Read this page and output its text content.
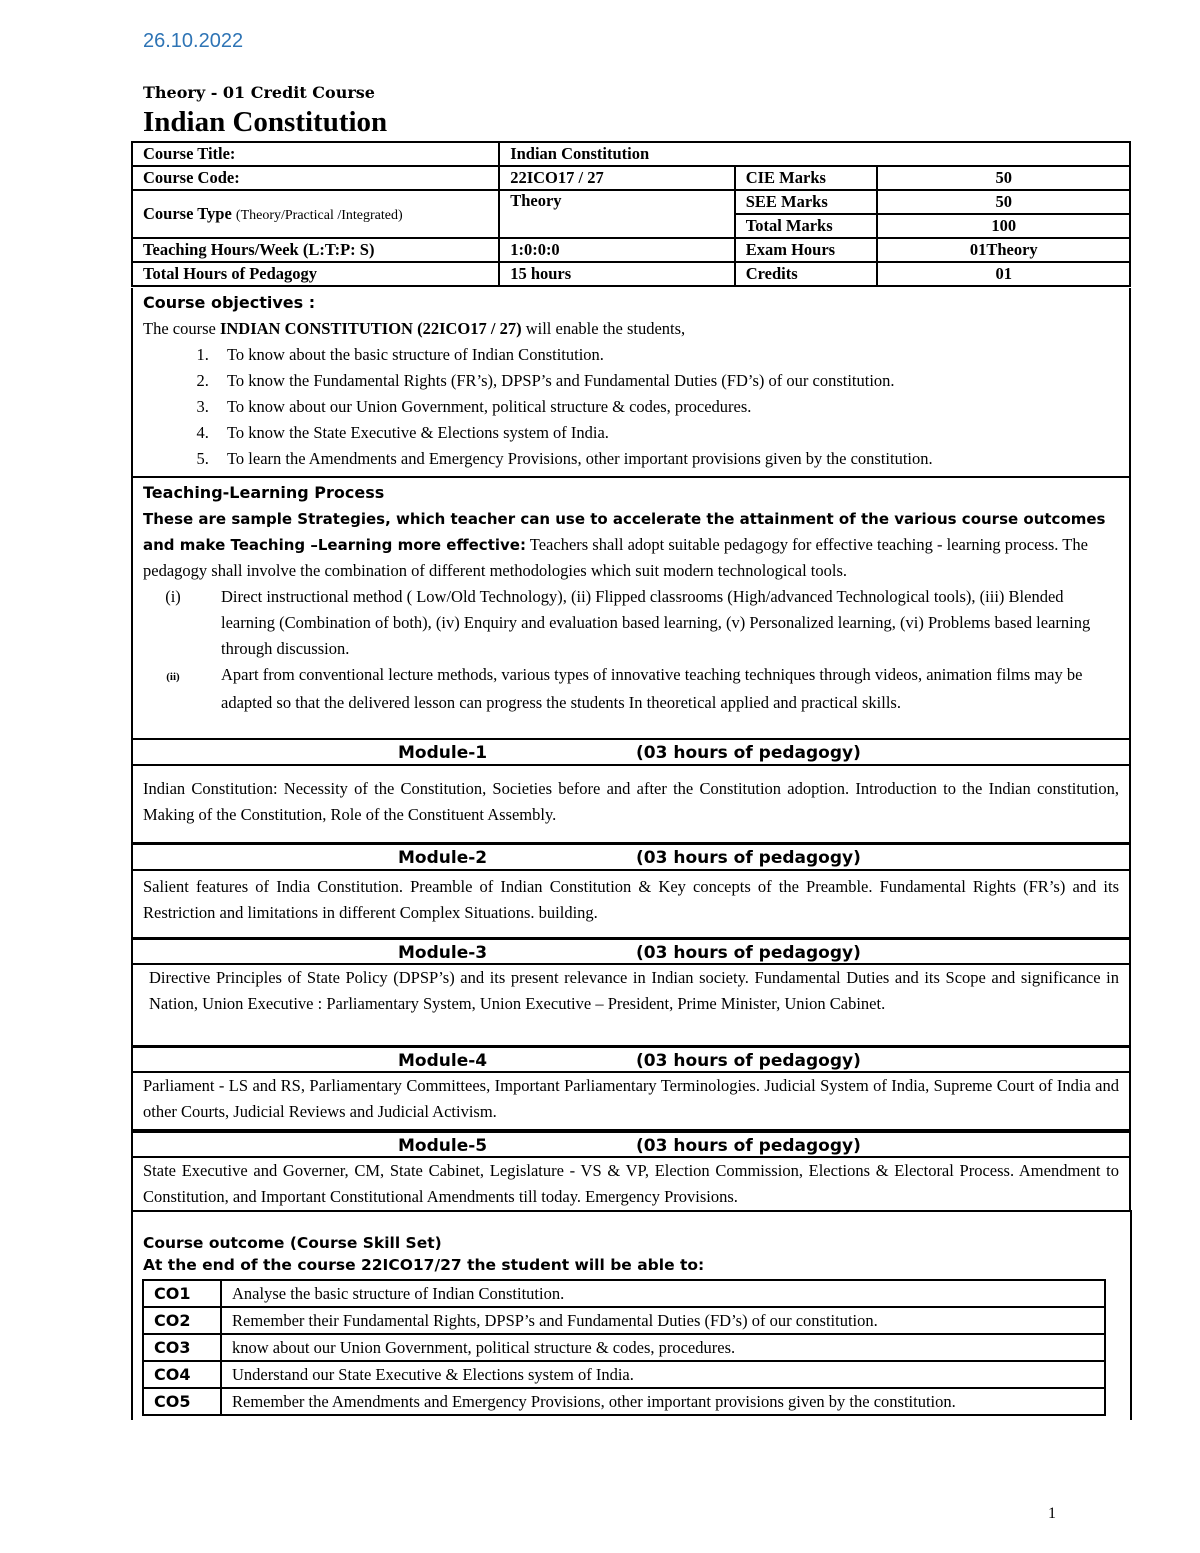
26.10.2022
Theory - 01 Credit Course
Indian Constitution
Course Title:	Indian Constitution		
Course Code:	22ICO17 / 27	CIE Marks	50
Course Type (Theory/Practical /Integrated)	Theory	SEE Marks	50
		Total Marks	100
Teaching Hours/Week (L:T:P: S)	1:0:0:0	Exam Hours	01Theory
Total Hours of Pedagogy	15 hours	Credits	01
Course objectives :
The course INDIAN CONSTITUTION (22ICO17 / 27) will enable the students,
1. To know about the basic structure of Indian Constitution.
2. To know the Fundamental Rights (FR’s), DPSP’s and Fundamental Duties (FD’s) of our constitution.
3. To know about our Union Government, political structure & codes, procedures.
4. To know the State Executive & Elections system of India.
5. To learn the Amendments and Emergency Provisions, other important provisions given by the constitution.
Teaching-Learning Process
These are sample Strategies, which teacher can use to accelerate the attainment of the various course outcomes and make Teaching –Learning more effective: Teachers shall adopt suitable pedagogy for effective teaching - learning process. The pedagogy shall involve the combination of different methodologies which suit modern technological tools.
(i) Direct instructional method ( Low/Old Technology), (ii) Flipped classrooms (High/advanced Technological tools), (iii) Blended learning (Combination of both), (iv) Enquiry and evaluation based learning, (v) Personalized learning, (vi) Problems based learning through discussion.
(ii)	Apart from conventional lecture methods, various types of innovative teaching techniques through videos, animation films may be adapted so that the delivered lesson can progress the students In theoretical applied and practical skills.
Module-1	(03 hours of pedagogy)
Indian Constitution: Necessity of the Constitution, Societies before and after the Constitution adoption. Introduction to the Indian constitution, Making of the Constitution, Role of the Constituent Assembly.
Module-2	(03 hours of pedagogy)
Salient features of India Constitution. Preamble of Indian Constitution & Key concepts of the Preamble. Fundamental Rights (FR’s) and its Restriction and limitations in different Complex Situations. building.
Module-3	(03 hours of pedagogy)
Directive Principles of State Policy (DPSP’s) and its present relevance in Indian society. Fundamental Duties and its Scope and significance in Nation, Union Executive : Parliamentary System, Union Executive – President, Prime Minister, Union Cabinet.
Module-4	(03 hours of pedagogy)
Parliament - LS and RS, Parliamentary Committees, Important Parliamentary Terminologies. Judicial System of India, Supreme Court of India and other Courts, Judicial Reviews and Judicial Activism.
Module-5	(03 hours of pedagogy)
State Executive and Governer, CM, State Cabinet, Legislature - VS & VP, Election Commission, Elections & Electoral Process. Amendment to Constitution, and Important Constitutional Amendments till today. Emergency Provisions.
Course outcome (Course Skill Set)
At the end of the course 22ICO17/27 the student will be able to:
CO1	Analyse the basic structure of Indian Constitution.
CO2	Remember their Fundamental Rights, DPSP’s and Fundamental Duties (FD’s) of our constitution.
CO3	know about our Union Government, political structure & codes, procedures.
CO4	Understand our State Executive & Elections system of India.
CO5	Remember the Amendments and Emergency Provisions, other important provisions given by the constitution.
1
